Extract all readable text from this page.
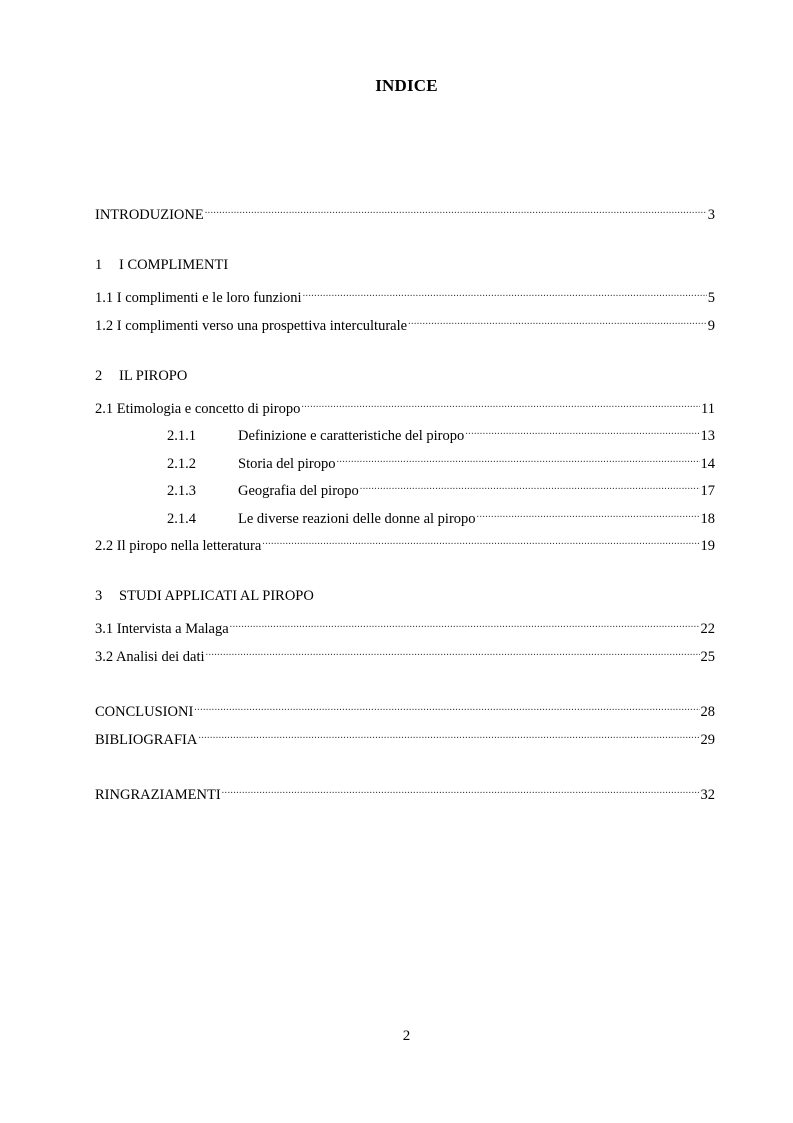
INDICE
INTRODUZIONE .....	3
1 I COMPLIMENTI
1.1 I complimenti e le loro funzioni .....	5
1.2 I complimenti verso una prospettiva interculturale .....	9
2 IL PIROPO
2.1 Etimologia e concetto di piropo .....	11
2.1.1	Definizione e caratteristiche del piropo .....	13
2.1.2	Storia del piropo .....	14
2.1.3	Geografia del piropo .....	17
2.1.4	Le diverse reazioni delle donne al piropo .....	18
2.2 Il piropo nella letteratura .....	19
3 STUDI APPLICATI AL PIROPO
3.1 Intervista a Malaga .....	22
3.2 Analisi dei dati .....	25
CONCLUSIONI .....	28
BIBLIOGRAFIA .....	29
RINGRAZIAMENTI .....	32
2
